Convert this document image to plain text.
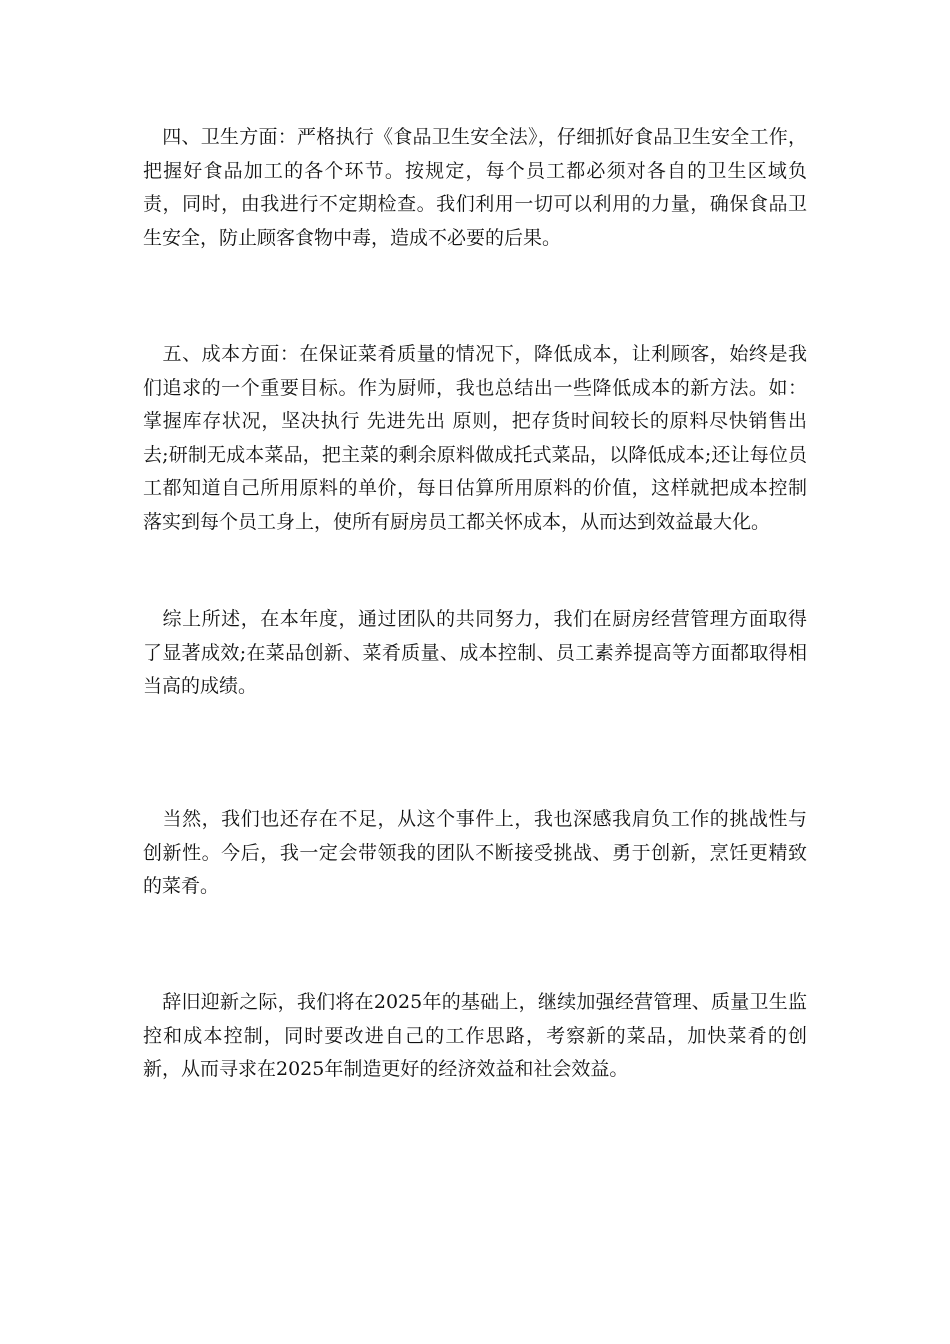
　四、卫生方面：严格执行《食品卫生安全法》，仔细抓好食品卫生安全工作，把握好食品加工的各个环节。按规定，每个员工都必须对各自的卫生区域负责，同时，由我进行不定期检查。我们利用一切可以利用的力量，确保食品卫生安全，防止顾客食物中毒，造成不必要的后果。

　五、成本方面：在保证菜肴质量的情况下，降低成本，让利顾客，始终是我们追求的一个重要目标。作为厨师，我也总结出一些降低成本的新方法。如：掌握库存状况，坚决执行 先进先出 原则，把存货时间较长的原料尽快销售出去;研制无成本菜品，把主菜的剩余原料做成托式菜品，以降低成本;还让每位员工都知道自己所用原料的单价，每日估算所用原料的价值，这样就把成本控制落实到每个员工身上，使所有厨房员工都关怀成本，从而达到效益最大化。

　综上所述，在本年度，通过团队的共同努力，我们在厨房经营管理方面取得了显著成效;在菜品创新、菜肴质量、成本控制、员工素养提高等方面都取得相当高的成绩。

　当然，我们也还存在不足，从这个事件上，我也深感我肩负工作的挑战性与创新性。今后，我一定会带领我的团队不断接受挑战、勇于创新，烹饪更精致的菜肴。

　辞旧迎新之际，我们将在2025年的基础上，继续加强经营管理、质量卫生监控和成本控制，同时要改进自己的工作思路，考察新的菜品，加快菜肴的创新，从而寻求在2025年制造更好的经济效益和社会效益。
